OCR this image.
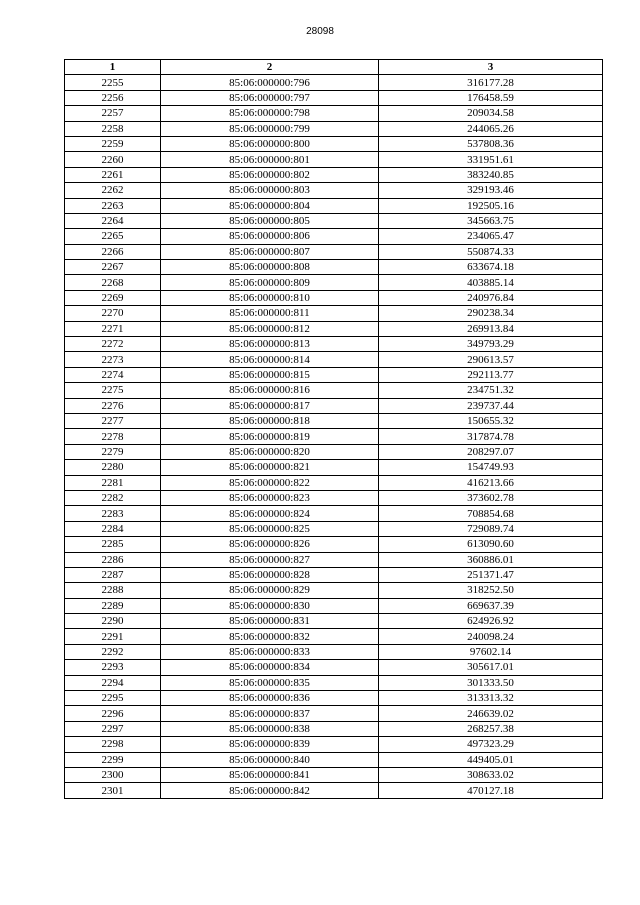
28098
1	2	3
2255	85:06:000000:796	316177.28
2256	85:06:000000:797	176458.59
2257	85:06:000000:798	209034.58
2258	85:06:000000:799	244065.26
2259	85:06:000000:800	537808.36
2260	85:06:000000:801	331951.61
2261	85:06:000000:802	383240.85
2262	85:06:000000:803	329193.46
2263	85:06:000000:804	192505.16
2264	85:06:000000:805	345663.75
2265	85:06:000000:806	234065.47
2266	85:06:000000:807	550874.33
2267	85:06:000000:808	633674.18
2268	85:06:000000:809	403885.14
2269	85:06:000000:810	240976.84
2270	85:06:000000:811	290238.34
2271	85:06:000000:812	269913.84
2272	85:06:000000:813	349793.29
2273	85:06:000000:814	290613.57
2274	85:06:000000:815	292113.77
2275	85:06:000000:816	234751.32
2276	85:06:000000:817	239737.44
2277	85:06:000000:818	150655.32
2278	85:06:000000:819	317874.78
2279	85:06:000000:820	208297.07
2280	85:06:000000:821	154749.93
2281	85:06:000000:822	416213.66
2282	85:06:000000:823	373602.78
2283	85:06:000000:824	708854.68
2284	85:06:000000:825	729089.74
2285	85:06:000000:826	613090.60
2286	85:06:000000:827	360886.01
2287	85:06:000000:828	251371.47
2288	85:06:000000:829	318252.50
2289	85:06:000000:830	669637.39
2290	85:06:000000:831	624926.92
2291	85:06:000000:832	240098.24
2292	85:06:000000:833	97602.14
2293	85:06:000000:834	305617.01
2294	85:06:000000:835	301333.50
2295	85:06:000000:836	313313.32
2296	85:06:000000:837	246639.02
2297	85:06:000000:838	268257.38
2298	85:06:000000:839	497323.29
2299	85:06:000000:840	449405.01
2300	85:06:000000:841	308633.02
2301	85:06:000000:842	470127.18
